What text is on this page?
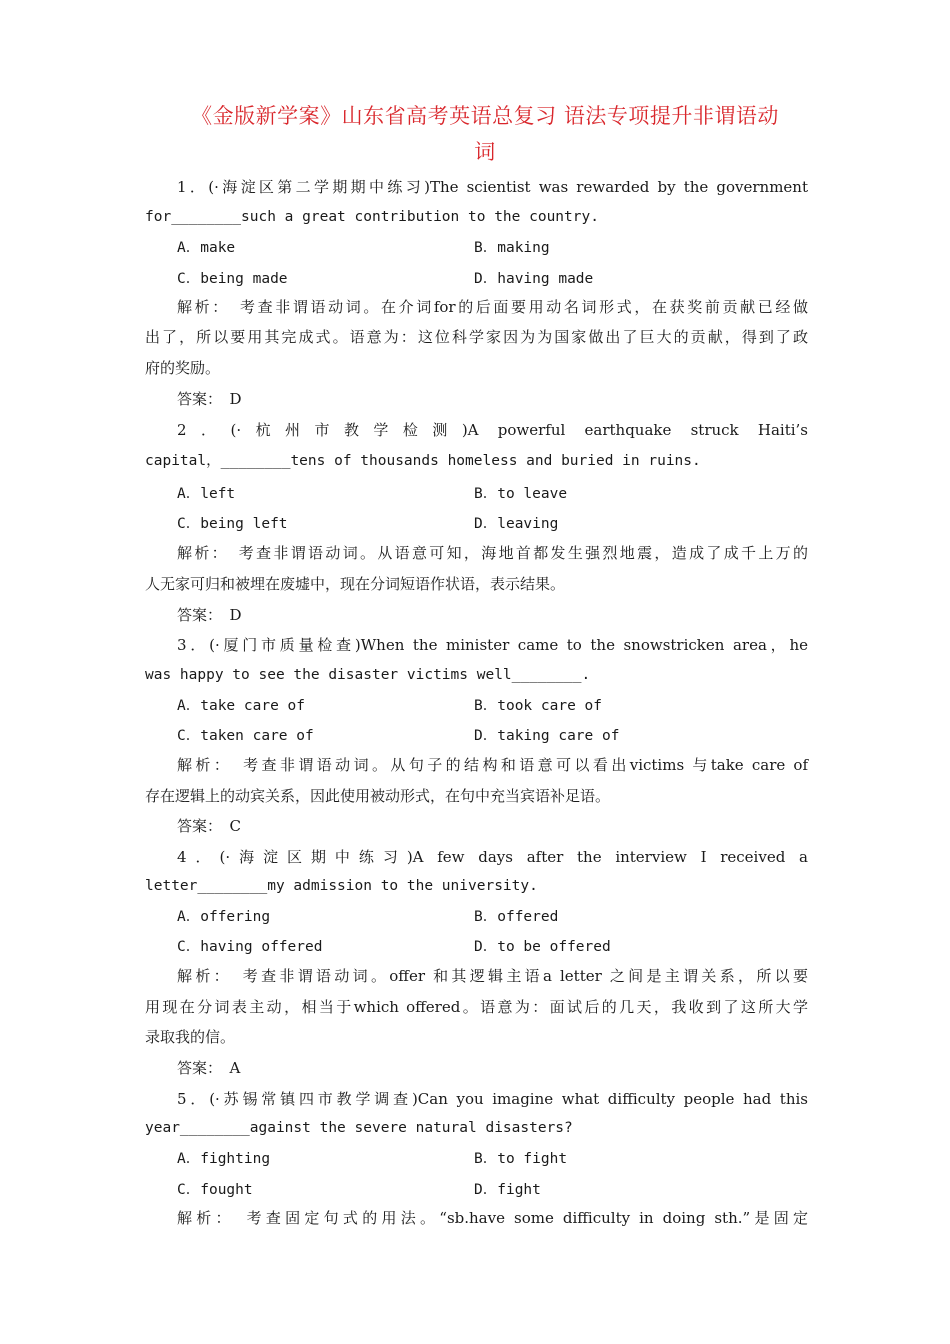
《金版新学案》山东省高考英语总复习 语法专项提升非谓语动
词
1．(·海淀区第二学期期中练习)The scientist was rewarded by the government
for________such a great contribution to the country.
A．make	B．making
C．being made	D．having made
解析：　考查非谓语动词。在介词for的后面要用动名词形式，在获奖前贡献已经做
出了，所以要用其完成式。语意为：这位科学家因为为国家做出了巨大的贡献，得到了政
府的奖励。
答案：　D
2．(·杭州市教学检测)A powerful earthquake struck Haiti’s
capital，________tens of thousands homeless and buried in ruins.
A．left	B．to leave
C．being left	D．leaving
解析：　考查非谓语动词。从语意可知，海地首都发生强烈地震，造成了成千上万的
人无家可归和被埋在废墟中，现在分词短语作状语，表示结果。
答案：　D
3．(·厦门市质量检查)When the minister came to the snowstricken area，he
was happy to see the disaster victims well________.
A．take care of	B．took care of
C．taken care of	D．taking care of
解析：　考查非谓语动词。从句子的结构和语意可以看出victims 与take care of
存在逻辑上的动宾关系，因此使用被动形式，在句中充当宾语补足语。
答案：　C
4．(·海淀区期中练习)A few days after the interview I received a
letter________my admission to the university.
A．offering	B．offered
C．having offered	D．to be offered
解析：　考查非谓语动词。offer 和其逻辑主语a letter 之间是主谓关系，所以要
用现在分词表主动，相当于which offered。语意为：面试后的几天，我收到了这所大学
录取我的信。
答案：　A
5．(·苏锡常镇四市教学调查)Can you imagine what difficulty people had this
year________against the severe natural disasters?
A．fighting	B．to fight
C．fought	D．fight
解析：　考查固定句式的用法。“sb.have some difficulty in doing sth.”是固定
